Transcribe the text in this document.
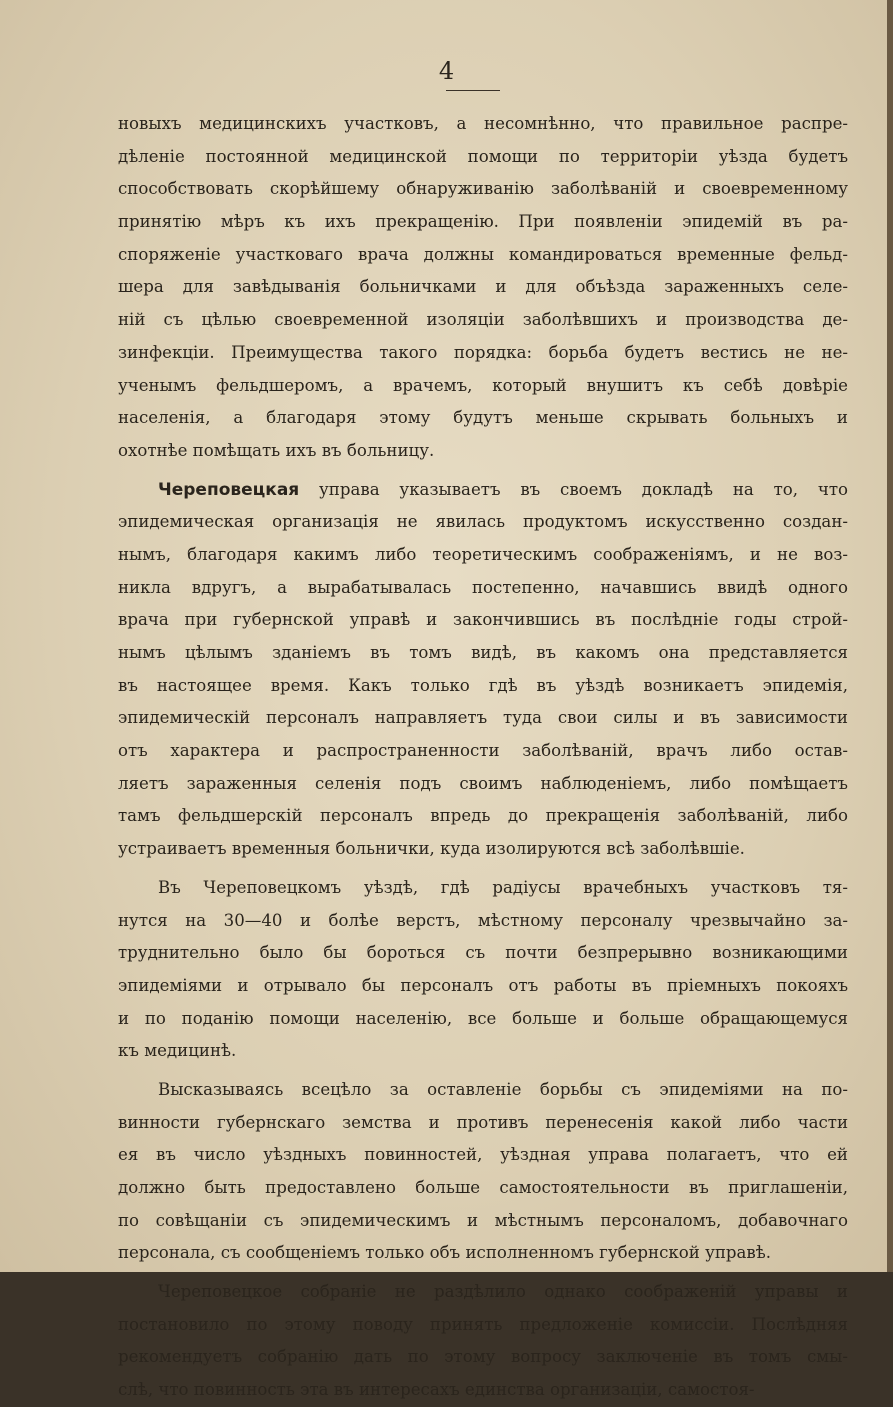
4
новыхъ медицинскихъ участковъ, а несомнѣнно, что правильное распре-
дѣленіе постоянной медицинской помощи по территоріи уѣзда будетъ
способствовать скорѣйшему обнаруживанію заболѣваній и своевременному
принятію мѣръ къ ихъ прекращенію. При появленіи эпидемій въ ра-
споряженіе участковаго врача должны командироваться временные фельд-
шера для завѣдыванія больничками и для объѣзда зараженныхъ селе-
ній съ цѣлью своевременной изоляціи заболѣвшихъ и производства де-
зинфекціи. Преимущества такого порядка: борьба будетъ вестись не не-
ученымъ фельдшеромъ, а врачемъ, который внушитъ къ себѣ довѣріе
населенія, а благодаря этому будутъ меньше скрывать больныхъ и
охотнѣе помѣщать ихъ въ больницу.
Череповецкая управа указываетъ въ своемъ докладѣ на то, что
эпидемическая организація не явилась продуктомъ искусственно создан-
нымъ, благодаря какимъ либо теоретическимъ соображеніямъ, и не воз-
никла вдругъ, а вырабатывалась постепенно, начавшись ввидѣ одного
врача при губернской управѣ и закончившись въ послѣдніе годы строй-
нымъ цѣлымъ зданіемъ въ томъ видѣ, въ какомъ она представляется
въ настоящее время. Какъ только гдѣ въ уѣздѣ возникаетъ эпидемія,
эпидемическій персоналъ направляетъ туда свои силы и въ зависимости
отъ характера и распространенности заболѣваній, врачъ либо остав-
ляетъ зараженныя селенія подъ своимъ наблюденіемъ, либо помѣщаетъ
тамъ фельдшерскій персоналъ впредь до прекращенія заболѣваній, либо
устраиваетъ временныя больнички, куда изолируются всѣ заболѣвшіе.
Въ Череповецкомъ уѣздѣ, гдѣ радіусы врачебныхъ участковъ тя-
нутся на 30—40 и болѣе верстъ, мѣстному персоналу чрезвычайно за-
труднительно было бы бороться съ почти безпрерывно возникающими
эпидеміями и отрывало бы персоналъ отъ работы въ пріемныхъ покояхъ
и по поданію помощи населенію, все больше и больше обращающемуся
къ медицинѣ.
Высказываясь всецѣло за оставленіе борьбы съ эпидеміями на по-
винности губернскаго земства и противъ перенесенія какой либо части
ея въ число уѣздныхъ повинностей, уѣздная управа полагаетъ, что ей
должно быть предоставлено больше самостоятельности въ приглашеніи,
по совѣщаніи съ эпидемическимъ и мѣстнымъ персоналомъ, добавочнаго
персонала, съ сообщеніемъ только объ исполненномъ губернской управѣ.
Череповецкое собраніе не раздѣлило однако соображеній управы и
постановило по этому поводу принять предложеніе комиссіи. Послѣдняя
рекомендуетъ собранію дать по этому вопросу заключеніе въ томъ смы-
слѣ, что повинность эта въ интересахъ единства организаціи, самостоя-
